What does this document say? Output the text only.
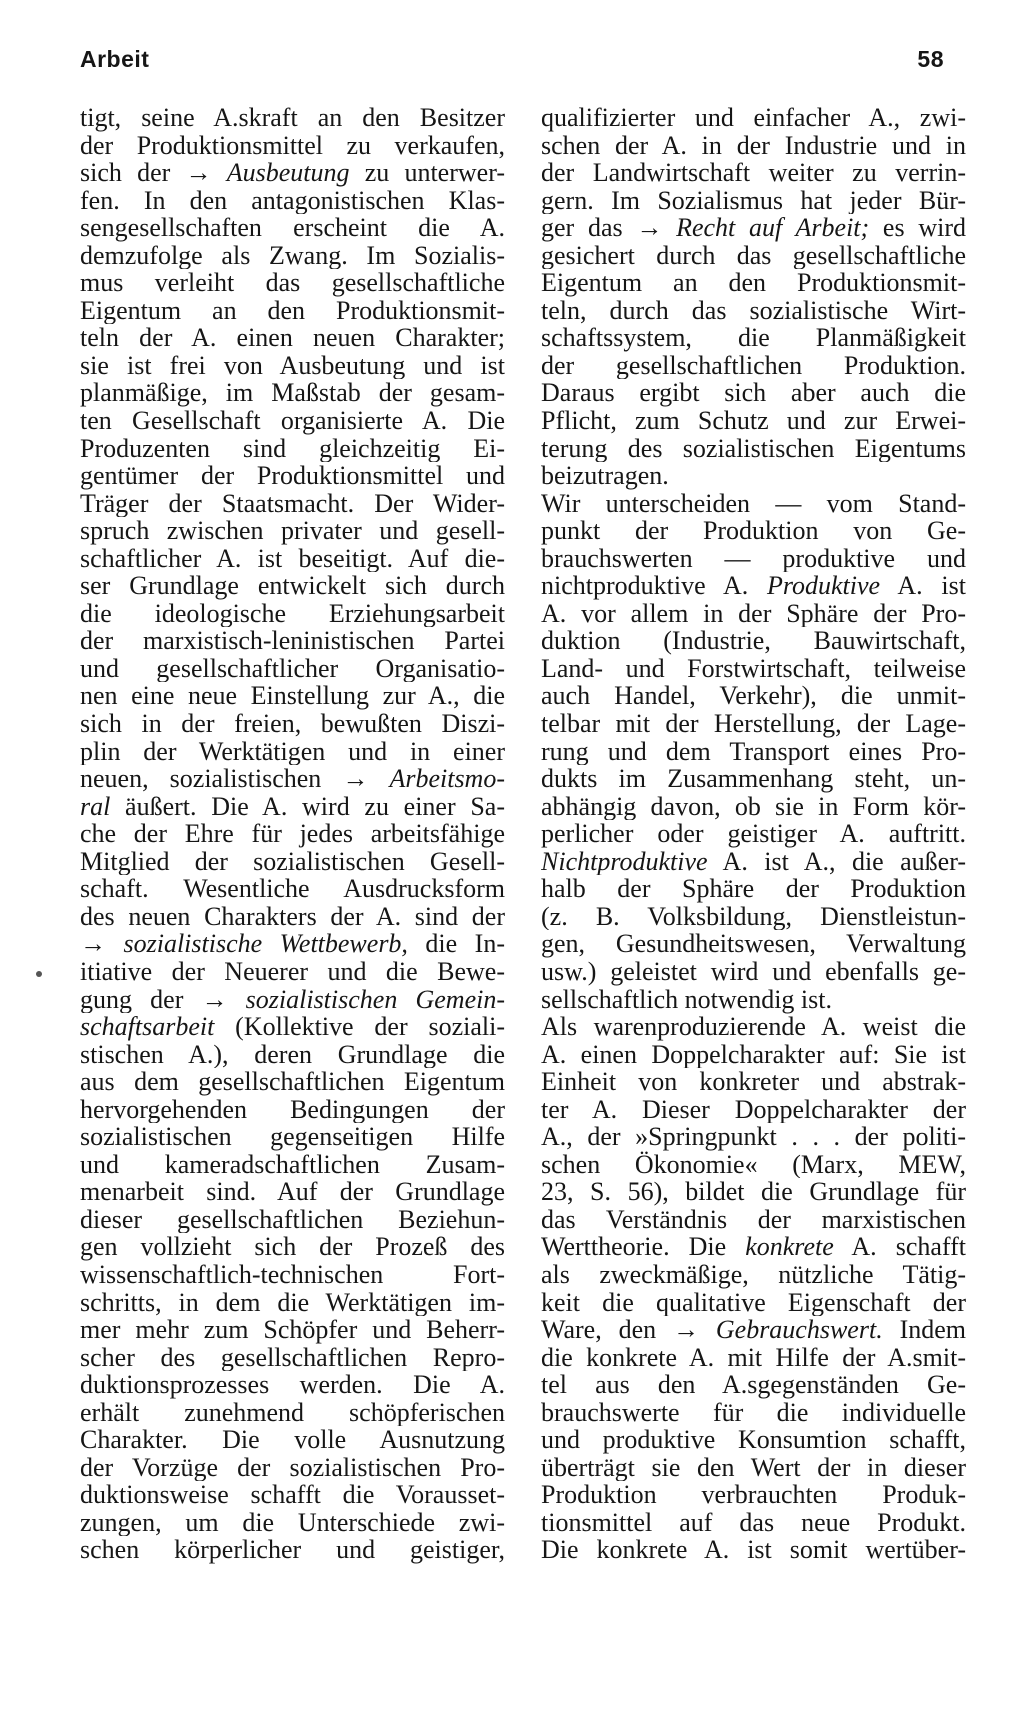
Arbeit	58
tigt, seine A.skraft an den Besitzer
der Produktionsmittel zu verkaufen,
sich der → Ausbeutung zu unterwer-
fen. In den antagonistischen Klas-
sengesellschaften erscheint die A.
demzufolge als Zwang. Im Sozialis-
mus verleiht das gesellschaftliche
Eigentum an den Produktionsmit-
teln der A. einen neuen Charakter;
sie ist frei von Ausbeutung und ist
planmäßige, im Maßstab der gesam-
ten Gesellschaft organisierte A. Die
Produzenten sind gleichzeitig Ei-
gentümer der Produktionsmittel und
Träger der Staatsmacht. Der Wider-
spruch zwischen privater und gesell-
schaftlicher A. ist beseitigt. Auf die-
ser Grundlage entwickelt sich durch
die ideologische Erziehungsarbeit
der marxistisch-leninistischen Partei
und gesellschaftlicher Organisatio-
nen eine neue Einstellung zur A., die
sich in der freien, bewußten Diszi-
plin der Werktätigen und in einer
neuen, sozialistischen → Arbeitsmo-
ral äußert. Die A. wird zu einer Sa-
che der Ehre für jedes arbeitsfähige
Mitglied der sozialistischen Gesell-
schaft. Wesentliche Ausdrucksform
des neuen Charakters der A. sind der
→ sozialistische Wettbewerb, die In-
itiative der Neuerer und die Bewe-
gung der → sozialistischen Gemein-
schaftsarbeit (Kollektive der soziali-
stischen A.), deren Grundlage die
aus dem gesellschaftlichen Eigentum
hervorgehenden Bedingungen der
sozialistischen gegenseitigen Hilfe
und kameradschaftlichen Zusam-
menarbeit sind. Auf der Grundlage
dieser gesellschaftlichen Beziehun-
gen vollzieht sich der Prozeß des
wissenschaftlich-technischen Fort-
schritts, in dem die Werktätigen im-
mer mehr zum Schöpfer und Beherr-
scher des gesellschaftlichen Repro-
duktionsprozesses werden. Die A.
erhält zunehmend schöpferischen
Charakter. Die volle Ausnutzung
der Vorzüge der sozialistischen Pro-
duktionsweise schafft die Vorausset-
zungen, um die Unterschiede zwi-
schen körperlicher und geistiger,
qualifizierter und einfacher A., zwi-
schen der A. in der Industrie und in
der Landwirtschaft weiter zu verrin-
gern. Im Sozialismus hat jeder Bür-
ger das → Recht auf Arbeit; es wird
gesichert durch das gesellschaftliche
Eigentum an den Produktionsmit-
teln, durch das sozialistische Wirt-
schaftssystem, die Planmäßigkeit
der gesellschaftlichen Produktion.
Daraus ergibt sich aber auch die
Pflicht, zum Schutz und zur Erwei-
terung des sozialistischen Eigentums
beizutragen.
Wir unterscheiden — vom Stand-
punkt der Produktion von Ge-
brauchswerten — produktive und
nichtproduktive A. Produktive A. ist
A. vor allem in der Sphäre der Pro-
duktion (Industrie, Bauwirtschaft,
Land- und Forstwirtschaft, teilweise
auch Handel, Verkehr), die unmit-
telbar mit der Herstellung, der Lage-
rung und dem Transport eines Pro-
dukts im Zusammenhang steht, un-
abhängig davon, ob sie in Form kör-
perlicher oder geistiger A. auftritt.
Nichtproduktive A. ist A., die außer-
halb der Sphäre der Produktion
(z. B. Volksbildung, Dienstleistun-
gen, Gesundheitswesen, Verwaltung
usw.) geleistet wird und ebenfalls ge-
sellschaftlich notwendig ist.
Als warenproduzierende A. weist die
A. einen Doppelcharakter auf: Sie ist
Einheit von konkreter und abstrak-
ter A. Dieser Doppelcharakter der
A., der »Springpunkt . . . der politi-
schen Ökonomie« (Marx, MEW,
23, S. 56), bildet die Grundlage für
das Verständnis der marxistischen
Werttheorie. Die konkrete A. schafft
als zweckmäßige, nützliche Tätig-
keit die qualitative Eigenschaft der
Ware, den → Gebrauchswert. Indem
die konkrete A. mit Hilfe der A.smit-
tel aus den A.sgegenständen Ge-
brauchswerte für die individuelle
und produktive Konsumtion schafft,
überträgt sie den Wert der in dieser
Produktion verbrauchten Produk-
tionsmittel auf das neue Produkt.
Die konkrete A. ist somit wertüber-
